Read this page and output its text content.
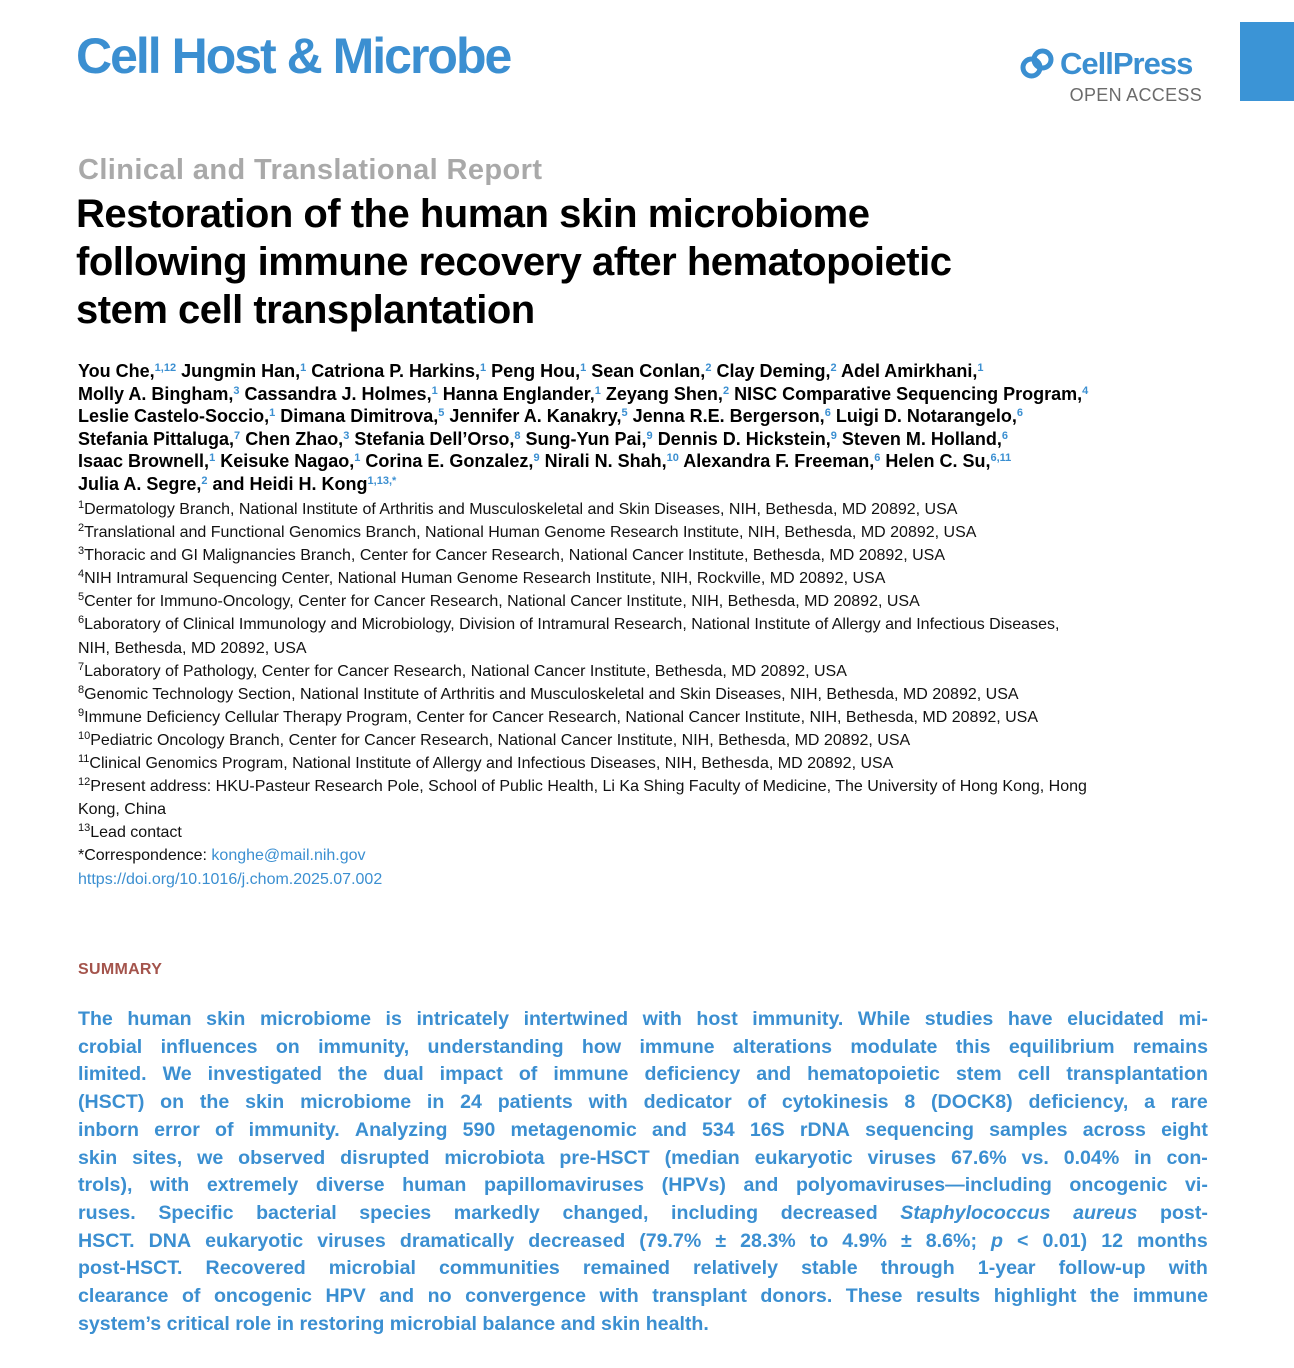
Cell Host & Microbe	CellPress
OPEN ACCESS
Clinical and Translational Report
Restoration of the human skin microbiome
following immune recovery after hematopoietic
stem cell transplantation
You Che,$^{1,12}$ Jungmin Han,$^1$ Catriona P. Harkins,$^1$ Peng Hou,$^1$ Sean Conlan,$^2$ Clay Deming,$^2$ Adel Amirkhani,$^1$
Molly A. Bingham,$^3$ Cassandra J. Holmes,$^1$ Hanna Englander,$^1$ Zeyang Shen,$^2$ NISC Comparative Sequencing Program,$^4$
Leslie Castelo-Soccio,$^1$ Dimana Dimitrova,$^5$ Jennifer A. Kanakry,$^5$ Jenna R.E. Bergerson,$^6$ Luigi D. Notarangelo,$^6$
Stefania Pittaluga,$^7$ Chen Zhao,$^3$ Stefania Dell’Orso,$^8$ Sung-Yun Pai,$^9$ Dennis D. Hickstein,$^9$ Steven M. Holland,$^6$
Isaac Brownell,$^1$ Keisuke Nagao,$^1$ Corina E. Gonzalez,$^9$ Nirali N. Shah,$^{10}$ Alexandra F. Freeman,$^6$ Helen C. Su,$^{6,11}$
Julia A. Segre,$^2$ and Heidi H. Kong$^{1,13,*}$
$^1$Dermatology Branch, National Institute of Arthritis and Musculoskeletal and Skin Diseases, NIH, Bethesda, MD 20892, USA
$^2$Translational and Functional Genomics Branch, National Human Genome Research Institute, NIH, Bethesda, MD 20892, USA
$^3$Thoracic and GI Malignancies Branch, Center for Cancer Research, National Cancer Institute, Bethesda, MD 20892, USA
$^4$NIH Intramural Sequencing Center, National Human Genome Research Institute, NIH, Rockville, MD 20892, USA
$^5$Center for Immuno-Oncology, Center for Cancer Research, National Cancer Institute, NIH, Bethesda, MD 20892, USA
$^6$Laboratory of Clinical Immunology and Microbiology, Division of Intramural Research, National Institute of Allergy and Infectious Diseases,
NIH, Bethesda, MD 20892, USA
$^7$Laboratory of Pathology, Center for Cancer Research, National Cancer Institute, Bethesda, MD 20892, USA
$^8$Genomic Technology Section, National Institute of Arthritis and Musculoskeletal and Skin Diseases, NIH, Bethesda, MD 20892, USA
$^9$Immune Deficiency Cellular Therapy Program, Center for Cancer Research, National Cancer Institute, NIH, Bethesda, MD 20892, USA
$^{10}$Pediatric Oncology Branch, Center for Cancer Research, National Cancer Institute, NIH, Bethesda, MD 20892, USA
$^{11}$Clinical Genomics Program, National Institute of Allergy and Infectious Diseases, NIH, Bethesda, MD 20892, USA
$^{12}$Present address: HKU-Pasteur Research Pole, School of Public Health, Li Ka Shing Faculty of Medicine, The University of Hong Kong, Hong
Kong, China
$^{13}$Lead contact
*Correspondence: konghe@mail.nih.gov
https://doi.org/10.1016/j.chom.2025.07.002
SUMMARY
The human skin microbiome is intricately intertwined with host immunity. While studies have elucidated mi-
crobial influences on immunity, understanding how immune alterations modulate this equilibrium remains
limited. We investigated the dual impact of immune deficiency and hematopoietic stem cell transplantation
(HSCT) on the skin microbiome in 24 patients with dedicator of cytokinesis 8 (DOCK8) deficiency, a rare
inborn error of immunity. Analyzing 590 metagenomic and 534 16S rDNA sequencing samples across eight
skin sites, we observed disrupted microbiota pre-HSCT (median eukaryotic viruses 67.6% vs. 0.04% in con-
trols), with extremely diverse human papillomaviruses (HPVs) and polyomaviruses—including oncogenic vi-
ruses. Specific bacterial species markedly changed, including decreased Staphylococcus aureus post-
HSCT. DNA eukaryotic viruses dramatically decreased (79.7% ± 28.3% to 4.9% ± 8.6%; p < 0.01) 12 months
post-HSCT. Recovered microbial communities remained relatively stable through 1-year follow-up with
clearance of oncogenic HPV and no convergence with transplant donors. These results highlight the immune
system’s critical role in restoring microbial balance and skin health.
